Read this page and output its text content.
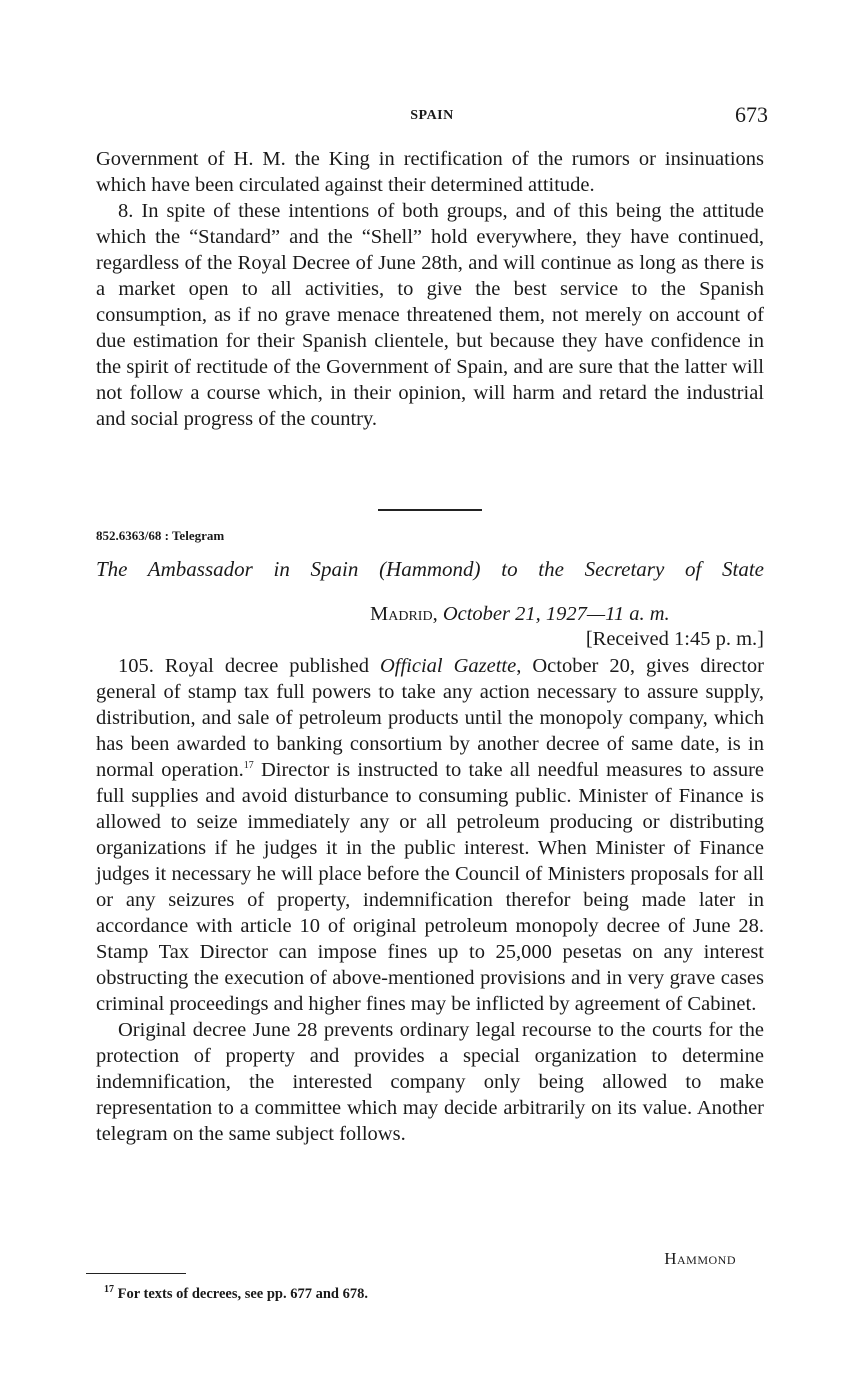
SPAIN	673

Government of H. M. the King in rectification of the rumors or insinuations which have been circulated against their determined attitude.

8. In spite of these intentions of both groups, and of this being the attitude which the “Standard” and the “Shell” hold everywhere, they have continued, regardless of the Royal Decree of June 28th, and will continue as long as there is a market open to all activities, to give the best service to the Spanish consumption, as if no grave menace threatened them, not merely on account of due estimation for their Spanish clientele, but because they have confidence in the spirit of rectitude of the Government of Spain, and are sure that the latter will not follow a course which, in their opinion, will harm and retard the industrial and social progress of the country.

852.6363/68 : Telegram
The Ambassador in Spain (Hammond) to the Secretary of State
Madrid, October 21, 1927—11 a. m.
[Received 1:45 p. m.]

105. Royal decree published Official Gazette, October 20, gives director general of stamp tax full powers to take any action necessary to assure supply, distribution, and sale of petroleum products until the monopoly company, which has been awarded to banking consortium by another decree of same date, is in normal operation.$^{17}$ Director is instructed to take all needful measures to assure full supplies and avoid disturbance to consuming public. Minister of Finance is allowed to seize immediately any or all petroleum producing or distributing organizations if he judges it in the public interest. When Minister of Finance judges it necessary he will place before the Council of Ministers proposals for all or any seizures of property, indemnification therefor being made later in accordance with article 10 of original petroleum monopoly decree of June 28. Stamp Tax Director can impose fines up to 25,000 pesetas on any interest obstructing the execution of above-mentioned provisions and in very grave cases criminal proceedings and higher fines may be inflicted by agreement of Cabinet.

Original decree June 28 prevents ordinary legal recourse to the courts for the protection of property and provides a special organization to determine indemnification, the interested company only being allowed to make representation to a committee which may decide arbitrarily on its value. Another telegram on the same subject follows.

Hammond
$^{17}$ For texts of decrees, see pp. 677 and 678.
